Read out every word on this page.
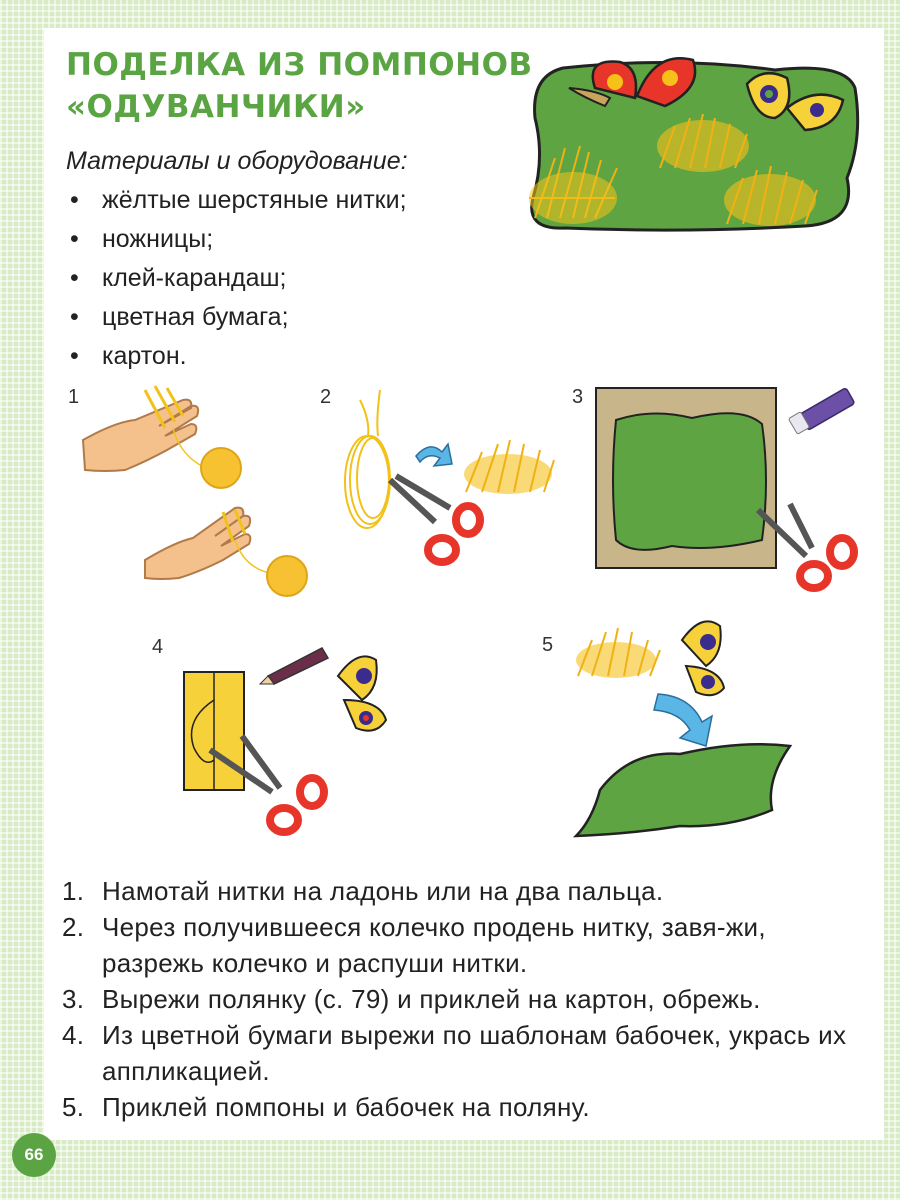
ПОДЕЛКА ИЗ ПОМПОНОВ
«ОДУВАНЧИКИ»
Материалы и оборудование:
• жёлтые шерстяные нитки;
• ножницы;
• клей-карандаш;
• цветная бумага;
• картон.
1	2	3
4	5
1. Намотай нитки на ладонь или на два пальца.
2. Через получившееся колечко продень нитку, завя-жи, разрежь колечко и распуши нитки.
3. Вырежи полянку (с. 79) и приклей на картон, обрежь.
4. Из цветной бумаги вырежи по шаблонам бабочек, укрась их аппликацией.
5. Приклей помпоны и бабочек на поляну.
66
